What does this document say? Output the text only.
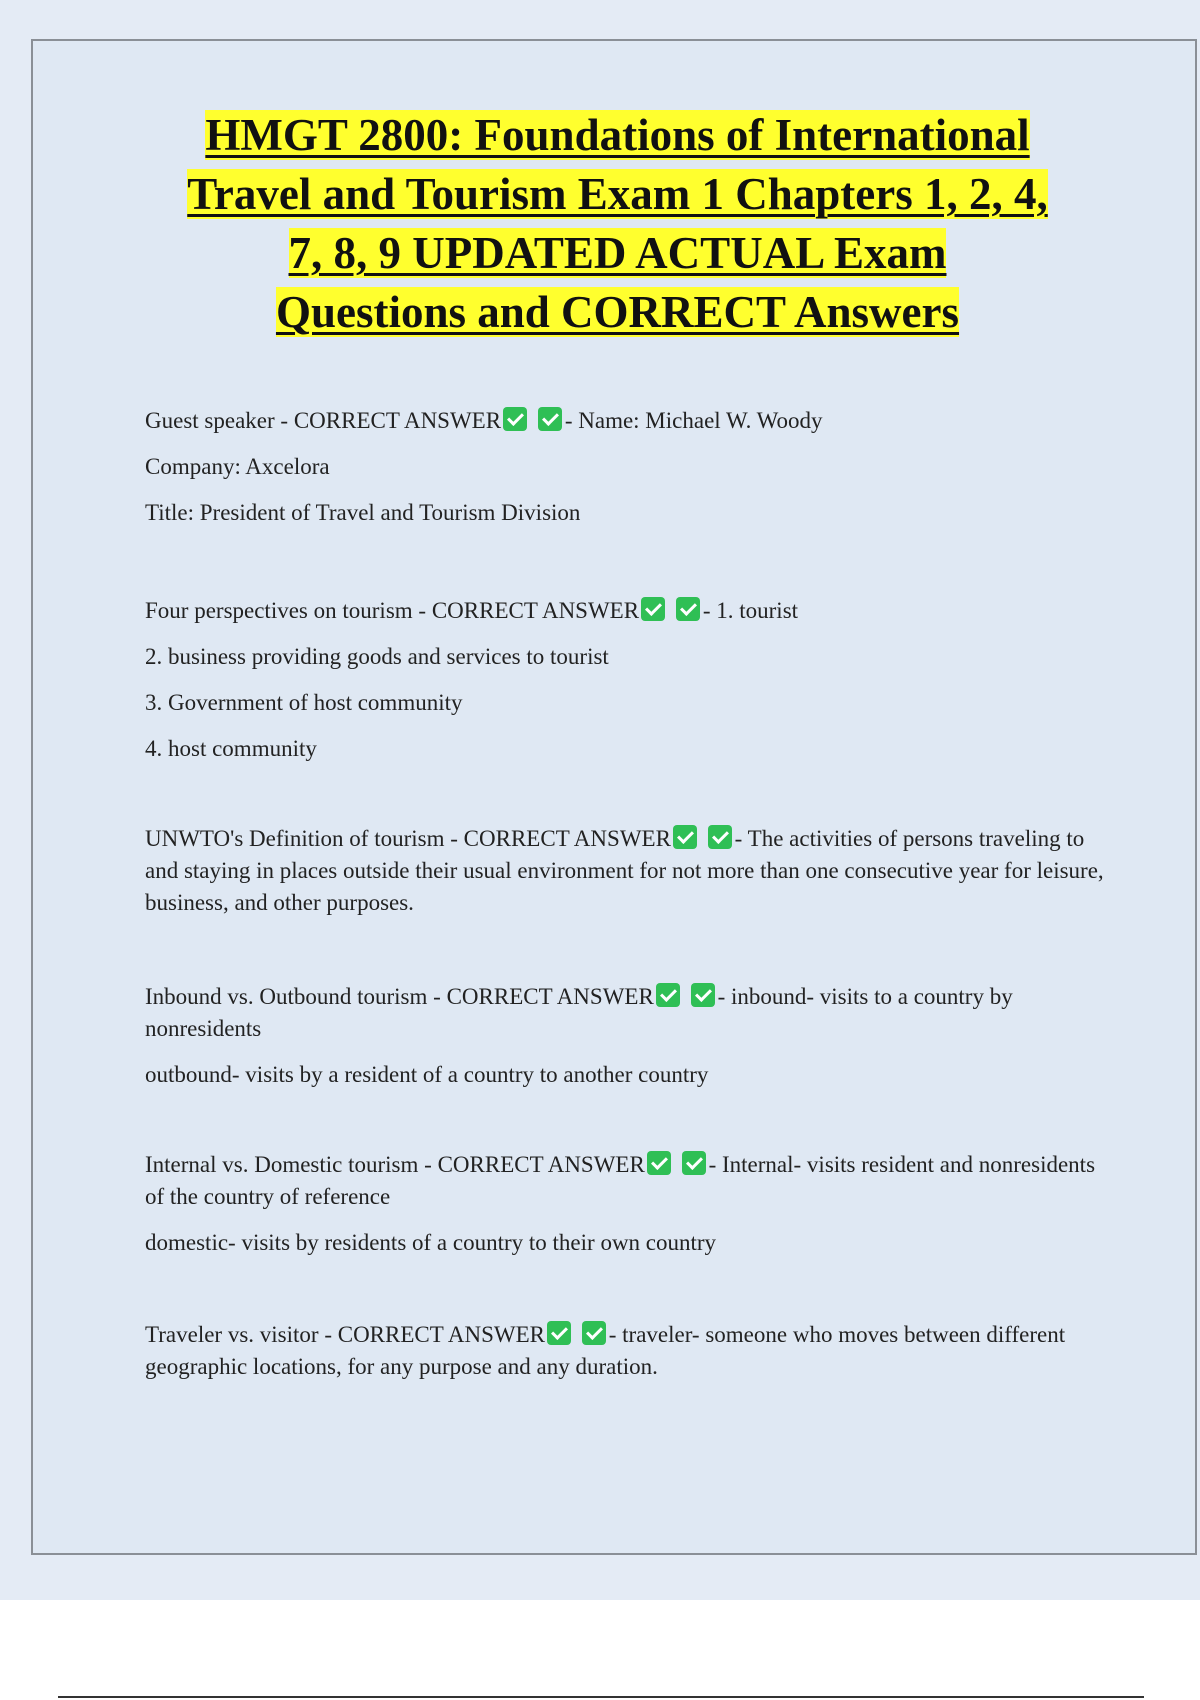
HMGT 2800: Foundations of International
Travel and Tourism Exam 1 Chapters 1, 2, 4,
7, 8, 9 UPDATED ACTUAL Exam
Questions and CORRECT Answers

Guest speaker - CORRECT ANSWER	- Name: Michael W. Woody

Company: Axcelora

Title: President of Travel and Tourism Division

Four perspectives on tourism - CORRECT ANSWER	- 1. tourist

2. business providing goods and services to tourist

3. Government of host community

4. host community

UNWTO's Definition of tourism - CORRECT ANSWER	- The activities of persons traveling to and staying in places outside their usual environment for not more than one consecutive year for leisure, business, and other purposes.

Inbound vs. Outbound tourism - CORRECT ANSWER	- inbound- visits to a country by nonresidents

outbound- visits by a resident of a country to another country

Internal vs. Domestic tourism - CORRECT ANSWER	- Internal- visits resident and nonresidents of the country of reference

domestic- visits by residents of a country to their own country

Traveler vs. visitor - CORRECT ANSWER	- traveler- someone who moves between different geographic locations, for any purpose and any duration.
